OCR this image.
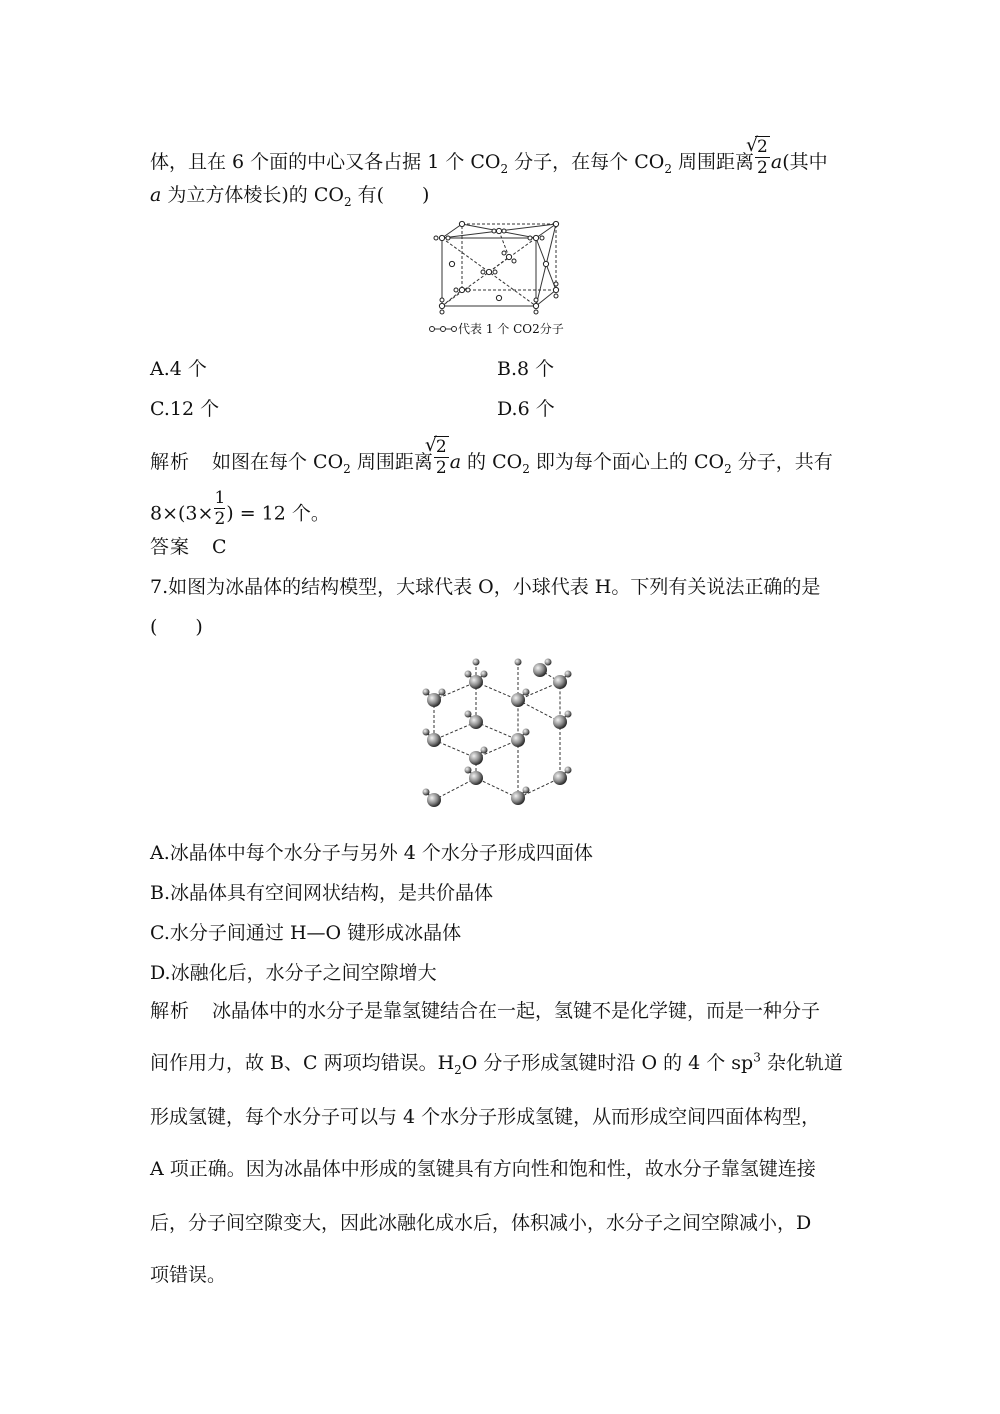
体，且在 6 个面的中心又各占据 1 个 $CO_2$ 分子，在每个 $CO_2$ 周围距离 √ $\frac{2}{2} a$(其中
a 为立方体棱长)的 $CO_2$ 有(　　)
代表 1 个 CO 2 分子
A.4 个	B.8 个
C.12 个	D.6 个
解析 如图在每个 $CO_2$ 周围距离 √ $\frac{2}{2}$ a 的 $CO_2$ 即为每个面心上的 $CO_2$ 分子，共有
$8\times(3\times \frac{1}{2}$ ) = 12 个。
答案 C
7.如图为冰晶体的结构模型，大球代表 O，小球代表 H。下列有关说法正确的是
(　　)
A.冰晶体中每个水分子与另外 4 个水分子形成四面体
B.冰晶体具有空间网状结构，是共价晶体
C.水分子间通过 H—O 键形成冰晶体
D.冰融化后，水分子之间空隙增大
解析 冰晶体中的水分子是靠氢键结合在一起，氢键不是化学键，而是一种分子
间作用力，故 B、C 两项均错误。$H_2O$ 分子形成氢键时沿 O 的 4 个 $sp^3$ 杂化轨道
形成氢键，每个水分子可以与 4 个水分子形成氢键，从而形成空间四面体构型，
A 项正确。因为冰晶体中形成的氢键具有方向性和饱和性，故水分子靠氢键连接
后，分子间空隙变大，因此冰融化成水后，体积减小，水分子之间空隙减小，D
项错误。
